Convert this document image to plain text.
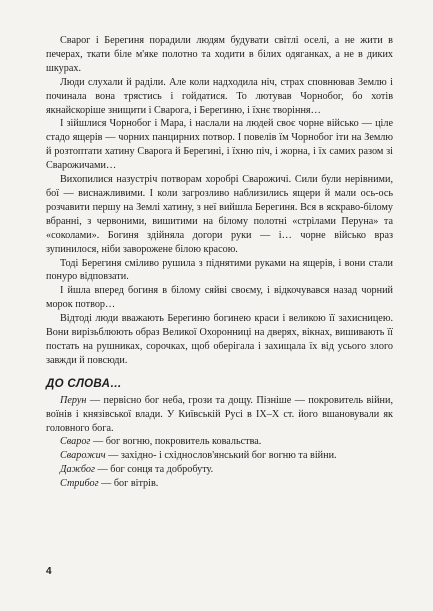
Сварог і Берегиня порадили людям будувати світлі оселі, а не жити в печерах, ткати біле м'яке полотно та ходити в білих одяганках, а не в диких шкурах.

Люди слухали й раділи. Але коли надходила ніч, страх сповнював Землю і починала вона трястись і гойдатися. То лютував Чорнобог, бо хотів якнайскоріше знищити і Сварога, і Берегиню, і їхнє творіння…

І зійшлися Чорнобог і Мара, і наслали на людей своє чорне військо — ціле стадо ящерів — чорних панцирних потвор. І повелів їм Чорнобог іти на Землю й розтоптати хатину Сварога й Берегині, і їхню піч, і жорна, і їх самих разом зі Сварожичами…

Вихопилися назустріч потворам хоробрі Сварожичі. Сили були нерівними, бої — виснажливими. І коли загрозливо наблизились ящери й мали ось-ось розчавити першу на Землі хатину, з неї вийшла Берегиня. Вся в яскраво-білому вбранні, з червоними, вишитими на білому полотні «стрілами Перуна» та «соколами». Богиня здійняла догори руки — і… чорне військо враз зупинилося, ніби заворожене білою красою.

Тоді Берегиня сміливо рушила з піднятими руками на ящерів, і вони стали понуро відповзати.

І йшла вперед богиня в білому сяйві своєму, і відкочувався назад чорний морок потвор…

Відтоді люди вважають Берегиню богинею краси і великою її захисницею. Вони вирізьблюють образ Великої Охоронниці на дверях, вікнах, вишивають її постать на рушниках, сорочках, щоб оберігала і захищала їх від усього злого завжди й повсюди.

ДО СЛОВА…

Перун — первісно бог неба, грози та дощу. Пізніше — покровитель війни, воїнів і князівської влади. У Київській Русі в IX–X ст. його вшановували як головного бога.

Сварог — бог вогню, покровитель ковальства.

Сварожич — західно- і східнослов'янський бог вогню та війни.

Дажбог — бог сонця та добробуту.

Стрибог — бог вітрів.

4
